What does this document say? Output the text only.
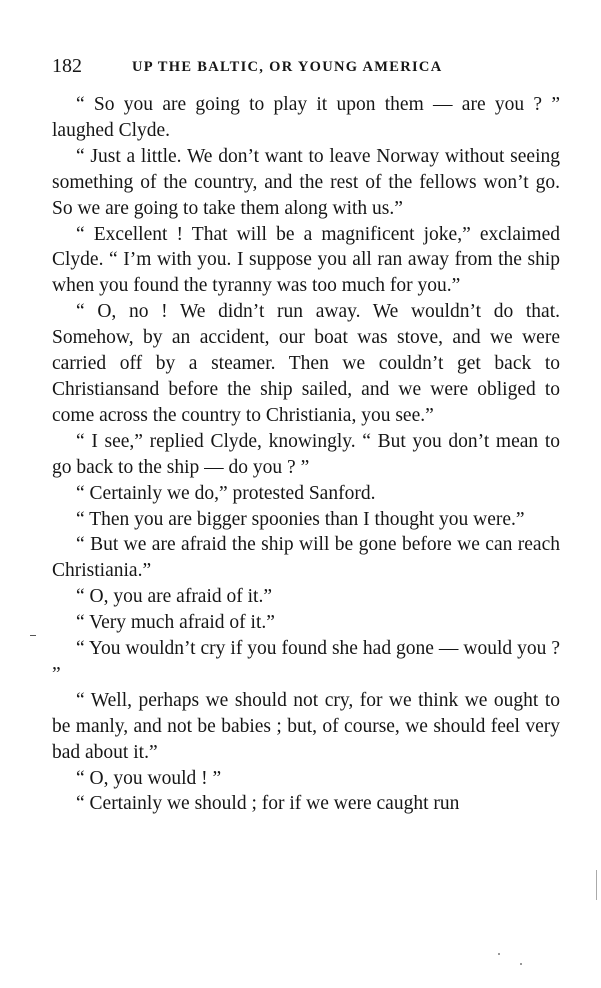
182	UP THE BALTIC, OR YOUNG AMERICA

“ So you are going to play it upon them — are you ? ” laughed Clyde.

“ Just a little. We don’t want to leave Norway without seeing something of the country, and the rest of the fellows won’t go. So we are going to take them along with us.”

“ Excellent ! That will be a magnificent joke,” exclaimed Clyde. “ I’m with you. I suppose you all ran away from the ship when you found the tyranny was too much for you.”

“ O, no ! We didn’t run away. We wouldn’t do that. Somehow, by an accident, our boat was stove, and we were carried off by a steamer. Then we couldn’t get back to Christiansand before the ship sailed, and we were obliged to come across the country to Christiania, you see.”

“ I see,” replied Clyde, knowingly. “ But you don’t mean to go back to the ship — do you ? ”

“ Certainly we do,” protested Sanford.

“ Then you are bigger spoonies than I thought you were.”

“ But we are afraid the ship will be gone before we can reach Christiania.”

“ O, you are afraid of it.”

“ Very much afraid of it.”

“ You wouldn’t cry if you found she had gone — would you ? ”

“ Well, perhaps we should not cry, for we think we ought to be manly, and not be babies ; but, of course, we should feel very bad about it.”

“ O, you would ! ”

“ Certainly we should ; for if we were caught run
